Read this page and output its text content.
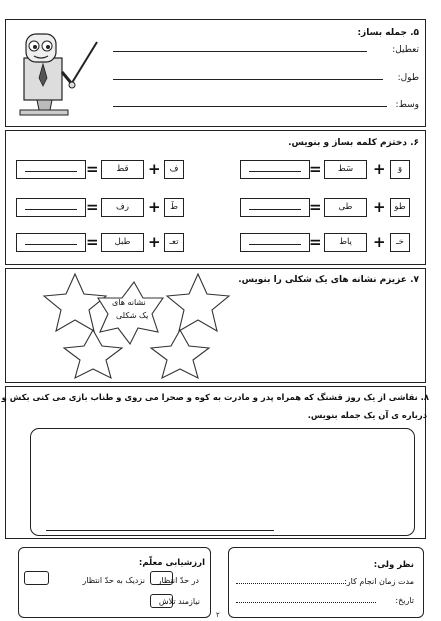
۵. جمله بساز:
تعطیل:
طول:
وسط:
۶. دختزم کلمه بساز و بنویس.
۷. عزیزم نشانه های یک شکلی را بنویس.
نشانه های
یک شکلی
۸. نقاشی از یک روز قشنگ که همراه پدر و مادرت به کوه و صحرا می روی و طناب بازی می کنی بکش و
درباره ی آن یک جمله بنویس.
ارزشیابی معلّم:
در حدّ انتظار
نزدیک به حدّ انتظار
نیازمند تلاش
نظر ولی:
مدت زمان انجام کار:
تاریخ:
۲
=	قط	+	ف
=	رف	+	طَ
=	طبل	+	تعـ
=	سَط	+	وَ
=	طی	+	طو
=	یاط	+	خـ
